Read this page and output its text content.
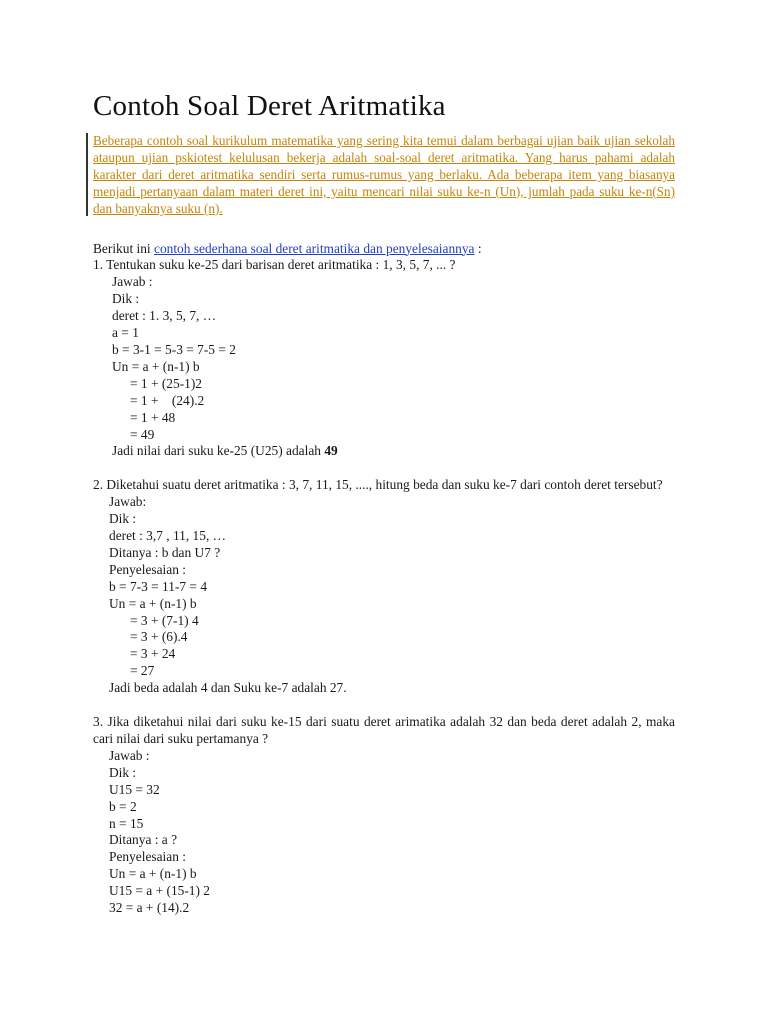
Contoh Soal Deret Aritmatika

Beberapa contoh soal kurikulum matematika yang sering kita temui dalam berbagai ujian baik ujian sekolah ataupun ujian pskiotest kelulusan bekerja adalah soal-soal deret aritmatika. Yang harus pahami adalah karakter dari deret aritmatika sendiri serta rumus-rumus yang berlaku. Ada beberapa item yang biasanya menjadi pertanyaan dalam materi deret ini, yaitu mencari nilai suku ke-n (Un), jumlah pada suku ke-n(Sn) dan banyaknya suku (n).

Berikut ini contoh sederhana soal deret aritmatika dan penyelesaiannya :

1. Tentukan suku ke-25 dari barisan deret aritmatika : 1, 3, 5, 7, ... ?
Jawab :
Dik :
deret : 1. 3, 5, 7, …
a = 1
b = 3-1 = 5-3 = 7-5 = 2
Un = a + (n-1) b
= 1 + (25-1)2
= 1 +    (24).2
= 1 + 48
= 49
Jadi nilai dari suku ke-25 (U25) adalah 49
2. Diketahui suatu deret aritmatika : 3, 7, 11, 15, ...., hitung beda dan suku ke-7 dari contoh deret tersebut?
Jawab:
Dik :
deret : 3,7 , 11, 15, …
Ditanya : b dan U7 ?
Penyelesaian :
b = 7-3 = 11-7 = 4
Un = a + (n-1) b
= 3 + (7-1) 4
= 3 + (6).4
= 3 + 24
= 27
Jadi beda adalah 4 dan Suku ke-7 adalah 27.
3. Jika diketahui nilai dari suku ke-15 dari suatu deret arimatika adalah 32 dan beda deret adalah 2, maka cari nilai dari suku pertamanya ?
Jawab :
Dik :
U15 = 32
b = 2
n = 15
Ditanya : a ?
Penyelesaian :
Un = a + (n-1) b
U15 = a + (15-1) 2
32 = a + (14).2
